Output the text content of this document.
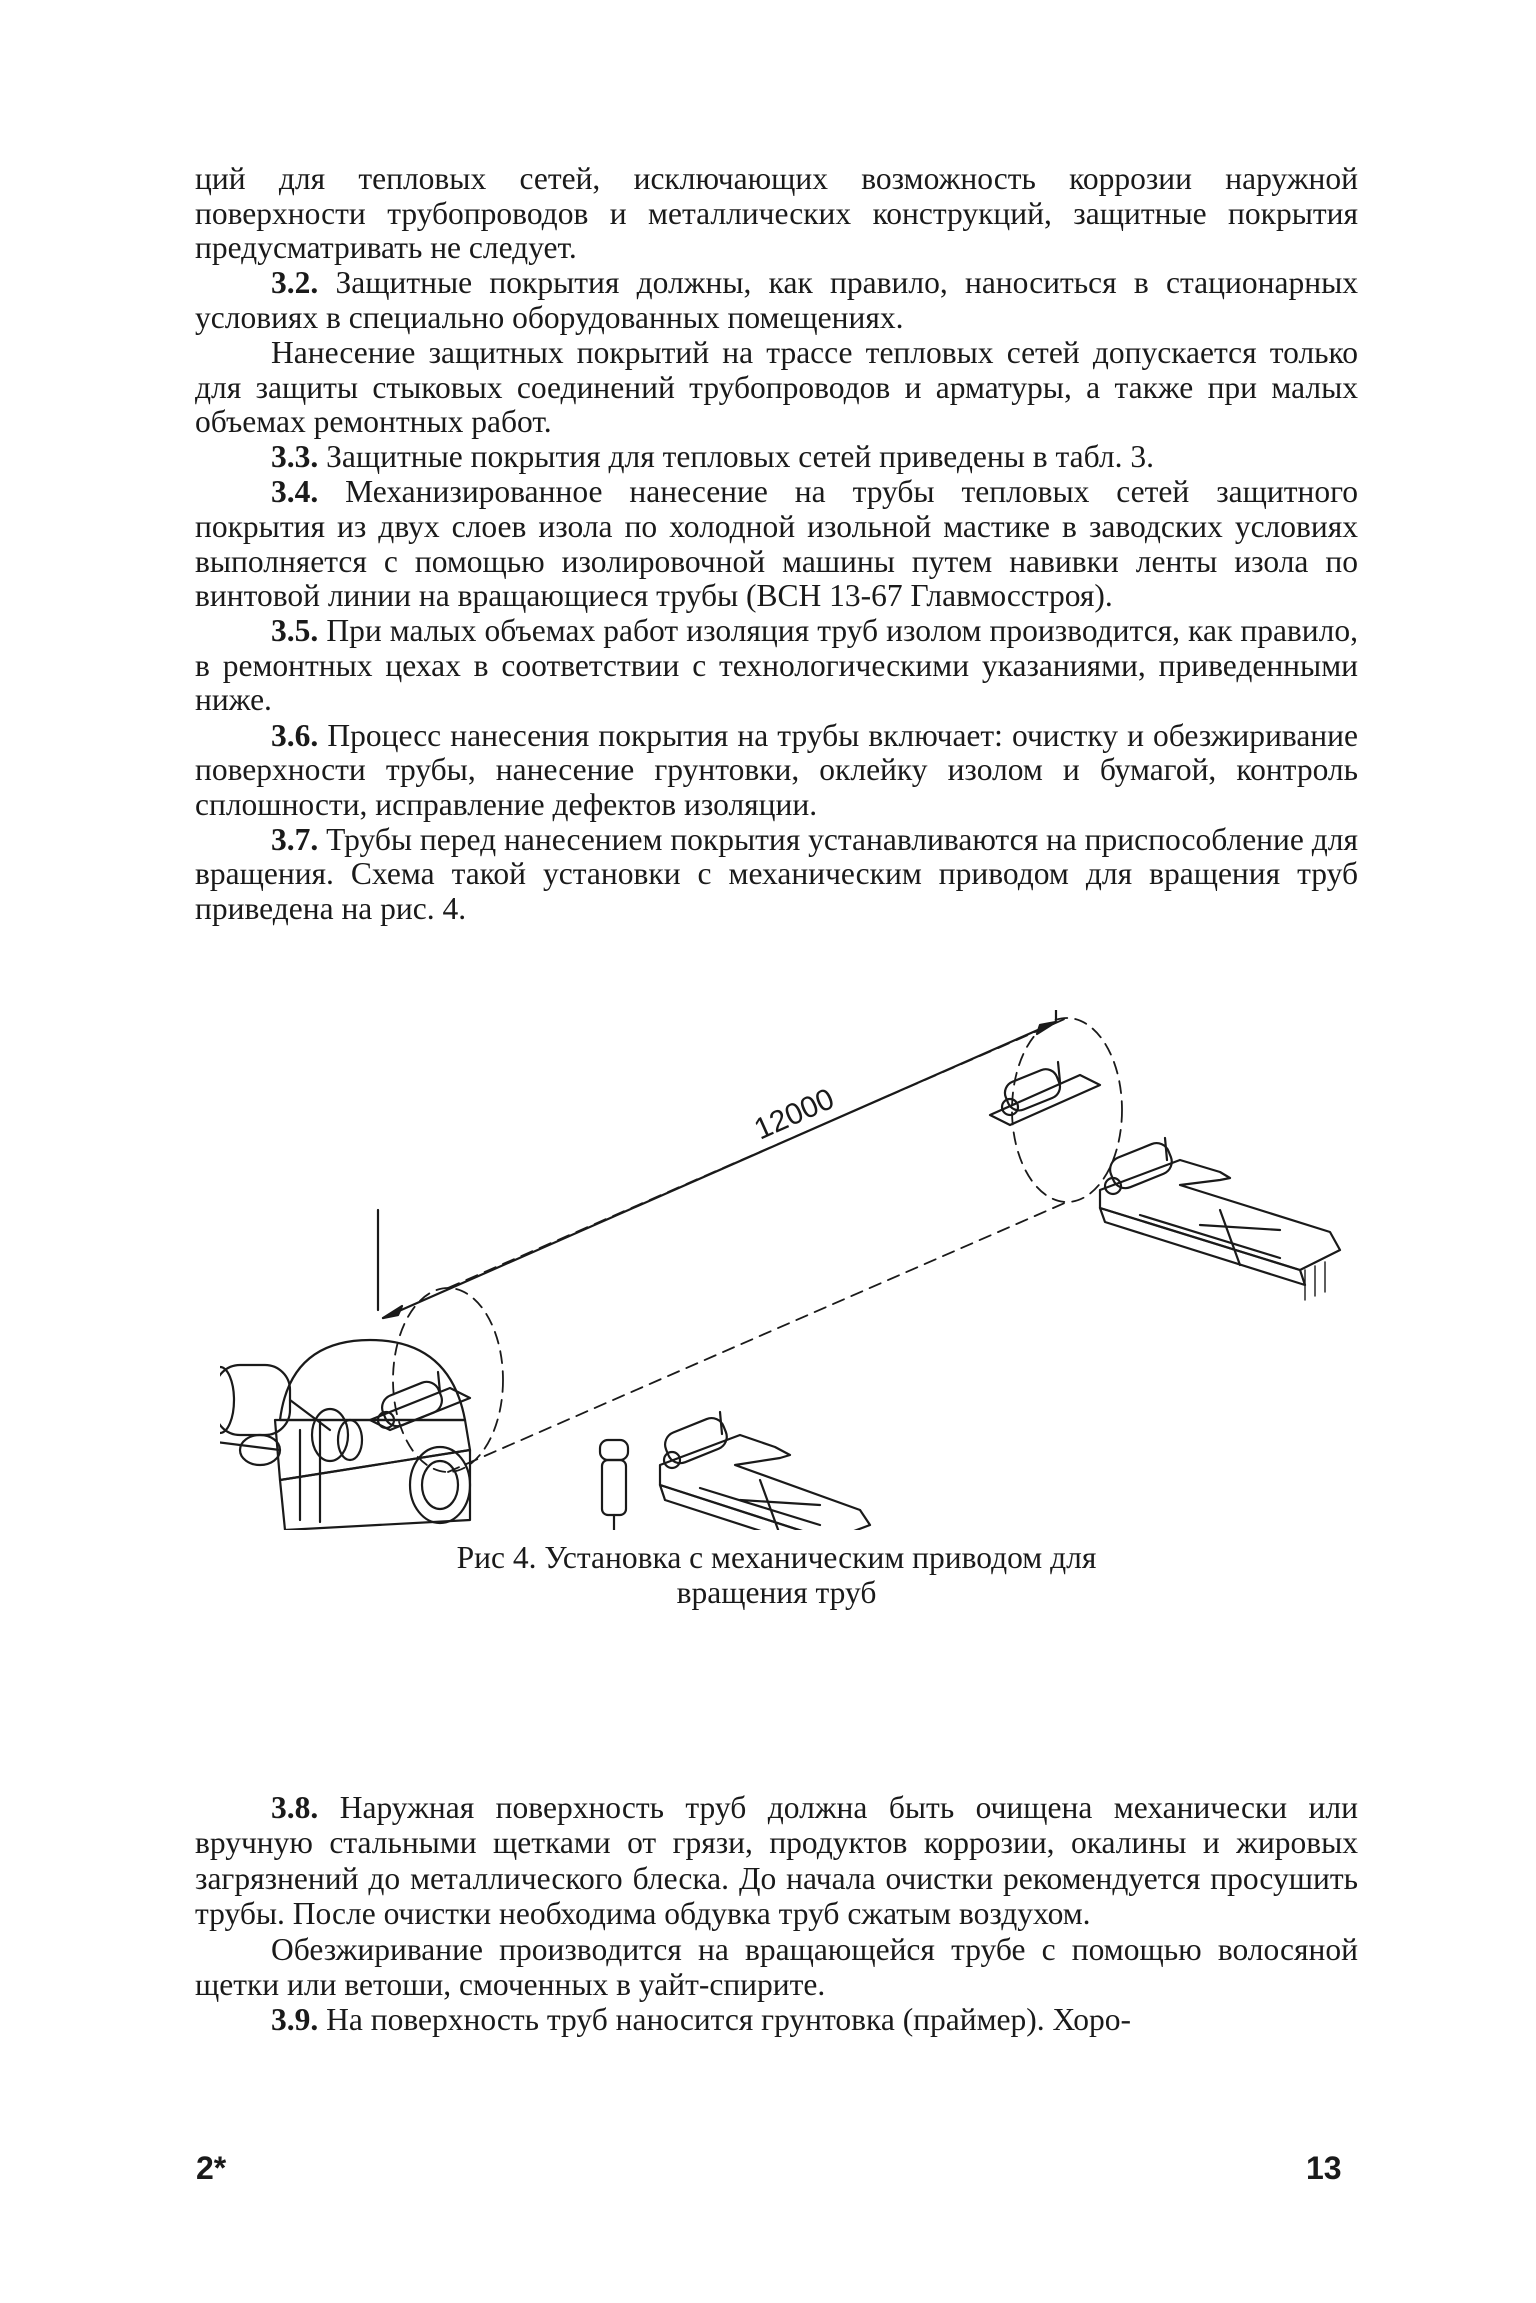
ций для тепловых сетей, исключающих возможность коррозии наружной поверхности трубопроводов и металлических конструкций, защитные покрытия предусматривать не следует.

3.2. Защитные покрытия должны, как правило, наноситься в стационарных условиях в специально оборудованных помещениях.

Нанесение защитных покрытий на трассе тепловых сетей допускается только для защиты стыковых соединений трубопроводов и арматуры, а также при малых объемах ремонтных работ.

3.3. Защитные покрытия для тепловых сетей приведены в табл. 3.

3.4. Механизированное нанесение на трубы тепловых сетей защитного покрытия из двух слоев изола по холодной изольной мастике в заводских условиях выполняется с помощью изолировочной машины путем навивки ленты изола по винтовой линии на вращающиеся трубы (ВСН 13-67 Главмосстроя).

3.5. При малых объемах работ изоляция труб изолом производится, как правило, в ремонтных цехах в соответствии с технологическими указаниями, приведенными ниже.

3.6. Процесс нанесения покрытия на трубы включает: очистку и обезжиривание поверхности трубы, нанесение грунтовки, оклейку изолом и бумагой, контроль сплошности, исправление дефектов изоляции.

3.7. Трубы перед нанесением покрытия устанавливаются на приспособление для вращения. Схема такой установки с механическим приводом для вращения труб приведена на рис. 4.

12000
Рис 4. Установка с механическим приводом для
вращения труб

3.8. Наружная поверхность труб должна быть очищена механически или вручную стальными щетками от грязи, продуктов коррозии, окалины и жировых загрязнений до металлического блеска. До начала очистки рекомендуется просушить трубы. После очистки необходима обдувка труб сжатым воздухом.

Обезжиривание производится на вращающейся трубе с помощью волосяной щетки или ветоши, смоченных в уайт-спирите.

3.9. На поверхность труб наносится грунтовка (праймер). Хоро-

2*	13
